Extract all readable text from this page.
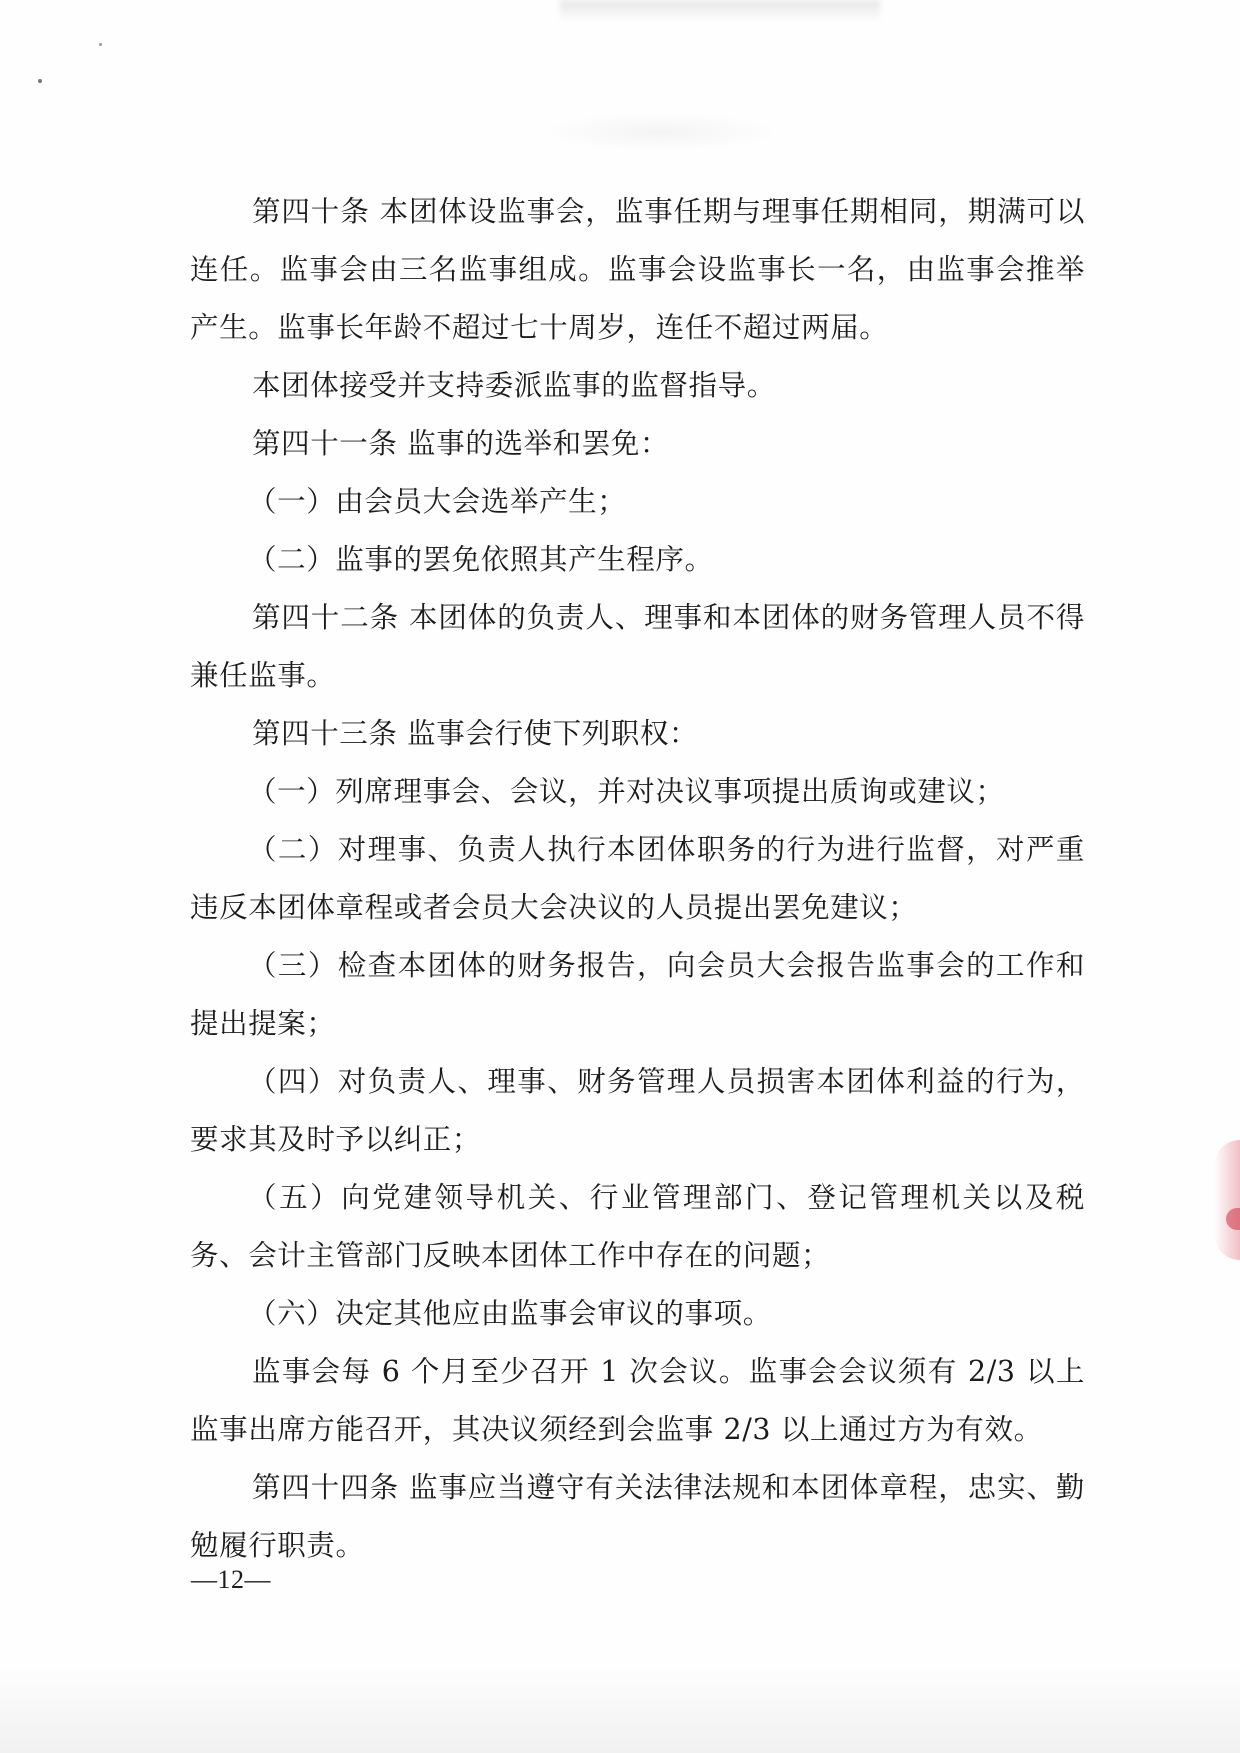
第四十条 本团体设监事会，监事任期与理事任期相同，期满可以连任。监事会由三名监事组成。监事会设监事长一名，由监事会推举产生。监事长年龄不超过七十周岁，连任不超过两届。

本团体接受并支持委派监事的监督指导。

第四十一条 监事的选举和罢免：

（一）由会员大会选举产生；

（二）监事的罢免依照其产生程序。

第四十二条 本团体的负责人、理事和本团体的财务管理人员不得兼任监事。

第四十三条 监事会行使下列职权：

（一）列席理事会、会议，并对决议事项提出质询或建议；

（二）对理事、负责人执行本团体职务的行为进行监督，对严重违反本团体章程或者会员大会决议的人员提出罢免建议；

（三）检查本团体的财务报告，向会员大会报告监事会的工作和提出提案；

（四）对负责人、理事、财务管理人员损害本团体利益的行为，要求其及时予以纠正；

（五）向党建领导机关、行业管理部门、登记管理机关以及税务、会计主管部门反映本团体工作中存在的问题；

（六）决定其他应由监事会审议的事项。

监事会每 6 个月至少召开 1 次会议。监事会会议须有 2/3 以上监事出席方能召开，其决议须经到会监事 2/3 以上通过方为有效。

第四十四条 监事应当遵守有关法律法规和本团体章程，忠实、勤勉履行职责。

—12—
